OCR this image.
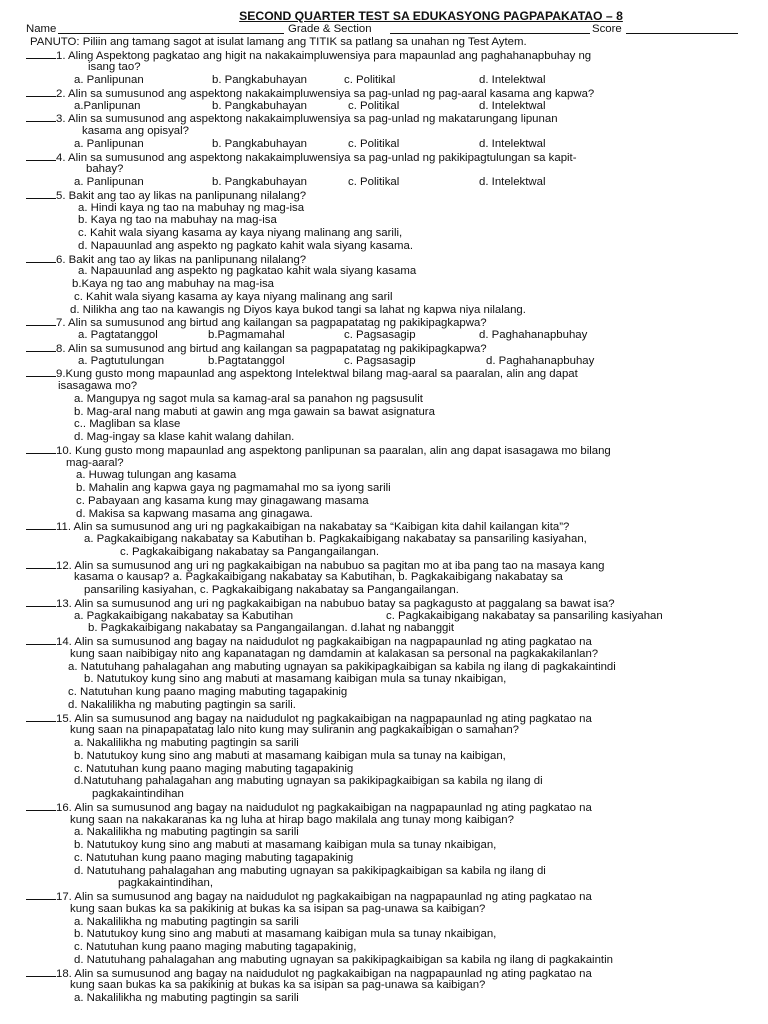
SECOND QUARTER TEST SA EDUKASYONG PAGPAPAKATAO – 8
Name	Grade & Section	Score
PANUTO: Piliin ang tamang sagot at isulat lamang ang TITIK sa patlang sa unahan ng Test Aytem.
1. Aling Aspektong pagkatao ang higit na nakakaimpluwensiya para mapaunlad ang paghahanapbuhay ng
isang tao?
a. Panlipunan	b. Pangkabuhayan	c. Politikal	d. Intelektwal
2. Alin sa sumusunod ang aspektong nakakaimpluwensiya sa pag-unlad ng pag-aaral kasama ang kapwa?
a.Panlipunan	b. Pangkabuhayan	c. Politikal	d. Intelektwal
3. Alin sa sumusunod ang aspektong nakakaimpluwensiya sa pag-unlad ng makatarungang lipunan
kasama ang opisyal?
a. Panlipunan	b. Pangkabuhayan	c. Politikal	d. Intelektwal
4. Alin sa sumusunod ang aspektong nakakaimpluwensiya sa pag-unlad ng pakikipagtulungan sa kapit-
bahay?
a. Panlipunan	b. Pangkabuhayan	c. Politikal	d. Intelektwal
5. Bakit ang tao ay likas na panlipunang nilalang?
a. Hindi kaya ng tao na mabuhay ng mag-isa
b. Kaya ng tao na mabuhay na mag-isa
c. Kahit wala siyang kasama ay kaya niyang malinang ang sarili,
d. Napauunlad ang aspekto ng pagkato kahit wala siyang kasama.
6. Bakit ang tao ay likas na panlipunang nilalang?
a. Napauunlad ang aspekto ng pagkatao kahit wala siyang kasama
b.Kaya ng tao ang mabuhay na mag-isa
c. Kahit wala siyang kasama ay kaya niyang malinang ang saril
d. Nilikha ang tao na kawangis ng Diyos kaya bukod tangi sa lahat ng kapwa niya nilalang.
7. Alin sa sumusunod ang birtud ang kailangan sa pagpapatatag ng pakikipagkapwa?
a. Pagtatanggol	b.Pagmamahal	c. Pagsasagip	d. Paghahanapbuhay
8. Alin sa sumusunod ang birtud ang kailangan sa pagpapatatag ng pakikipagkapwa?
a. Pagtutulungan	b.Pagtatanggol	c. Pagsasagip	d. Paghahanapbuhay
9.Kung gusto mong mapaunlad ang aspektong Intelektwal bilang mag-aaral sa paaralan, alin ang dapat
isasagawa mo?
a. Mangupya ng sagot mula sa kamag-aral sa panahon ng pagsusulit
b. Mag-aral nang mabuti at gawin ang mga gawain sa bawat asignatura
c.. Magliban sa klase
d. Mag-ingay sa klase kahit walang dahilan.
10. Kung gusto mong mapaunlad ang aspektong panlipunan sa paaralan, alin ang dapat isasagawa mo bilang
mag-aaral?
a. Huwag tulungan ang kasama
b. Mahalin ang kapwa gaya ng pagmamahal mo sa iyong sarili
c. Pabayaan ang kasama kung may ginagawang masama
d. Makisa sa kapwang masama ang ginagawa.
11. Alin sa sumusunod ang uri ng pagkakaibigan na nakabatay sa “Kaibigan kita dahil kailangan kita”?
a. Pagkakaibigang nakabatay sa Kabutihan b. Pagkakaibigang nakabatay sa pansariling kasiyahan,
c. Pagkakaibigang nakabatay sa Pangangailangan.
12. Alin sa sumusunod ang uri ng pagkakaibigan na nabubuo sa pagitan mo at iba pang tao na masaya kang
kasama o kausap? a. Pagkakaibigang nakabatay sa Kabutihan, b. Pagkakaibigang nakabatay sa
pansariling kasiyahan, c. Pagkakaibigang nakabatay sa Pangangailangan.
13. Alin sa sumusunod ang uri ng pagkakaibigan na nabubuo batay sa pagkagusto at paggalang sa bawat isa?
a. Pagkakaibigang nakabatay sa Kabutihan	c. Pagkakaibigang nakabatay sa pansariling kasiyahan
b. Pagkakaibigang nakabatay sa Pangangailangan. d.lahat ng nabanggit
14. Alin sa sumusunod ang bagay na naidudulot ng pagkakaibigan na nagpapaunlad ng ating pagkatao na
kung saan naibibigay nito ang kapanatagan ng damdamin at kalakasan sa personal na pagkakakilanlan?
a. Natutuhang pahalagahan ang mabuting ugnayan sa pakikipagkaibigan sa kabila ng ilang di pagkakaintindi
b. Natutukoy kung sino ang mabuti at masamang kaibigan mula sa tunay nkaibigan,
c. Natutuhan kung paano maging mabuting tagapakinig
d. Nakalilikha ng mabuting pagtingin sa sarili.
15. Alin sa sumusunod ang bagay na naidudulot ng pagkakaibigan na nagpapaunlad ng ating pagkatao na
kung saan na pinapapatatag lalo nito kung may suliranin ang pagkakaibigan o samahan?
a. Nakalilikha ng mabuting pagtingin sa sarili
b. Natutukoy kung sino ang mabuti at masamang kaibigan mula sa tunay na kaibigan,
c. Natutuhan kung paano maging mabuting tagapakinig
d.Natutuhang pahalagahan ang mabuting ugnayan sa pakikipagkaibigan sa kabila ng ilang di
pagkakaintindihan
16. Alin sa sumusunod ang bagay na naidudulot ng pagkakaibigan na nagpapaunlad ng ating pagkatao na
kung saan na nakakaranas ka ng luha at hirap bago makilala ang tunay mong kaibigan?
a. Nakalilikha ng mabuting pagtingin sa sarili
b. Natutukoy kung sino ang mabuti at masamang kaibigan mula sa tunay nkaibigan,
c. Natutuhan kung paano maging mabuting tagapakinig
d. Natutuhang pahalagahan ang mabuting ugnayan sa pakikipagkaibigan sa kabila ng ilang di
pagkakaintindihan,
17. Alin sa sumusunod ang bagay na naidudulot ng pagkakaibigan na nagpapaunlad ng ating pagkatao na
kung saan bukas ka sa pakikinig at bukas ka sa isipan sa pag-unawa sa kaibigan?
a. Nakalilikha ng mabuting pagtingin sa sarili
b. Natutukoy kung sino ang mabuti at masamang kaibigan mula sa tunay nkaibigan,
c. Natutuhan kung paano maging mabuting tagapakinig,
d. Natutuhang pahalagahan ang mabuting ugnayan sa pakikipagkaibigan sa kabila ng ilang di pagkakaintin
18. Alin sa sumusunod ang bagay na naidudulot ng pagkakaibigan na nagpapaunlad ng ating pagkatao na
kung saan bukas ka sa pakikinig at bukas ka sa isipan sa pag-unawa sa kaibigan?
a. Nakalilikha ng mabuting pagtingin sa sarili
